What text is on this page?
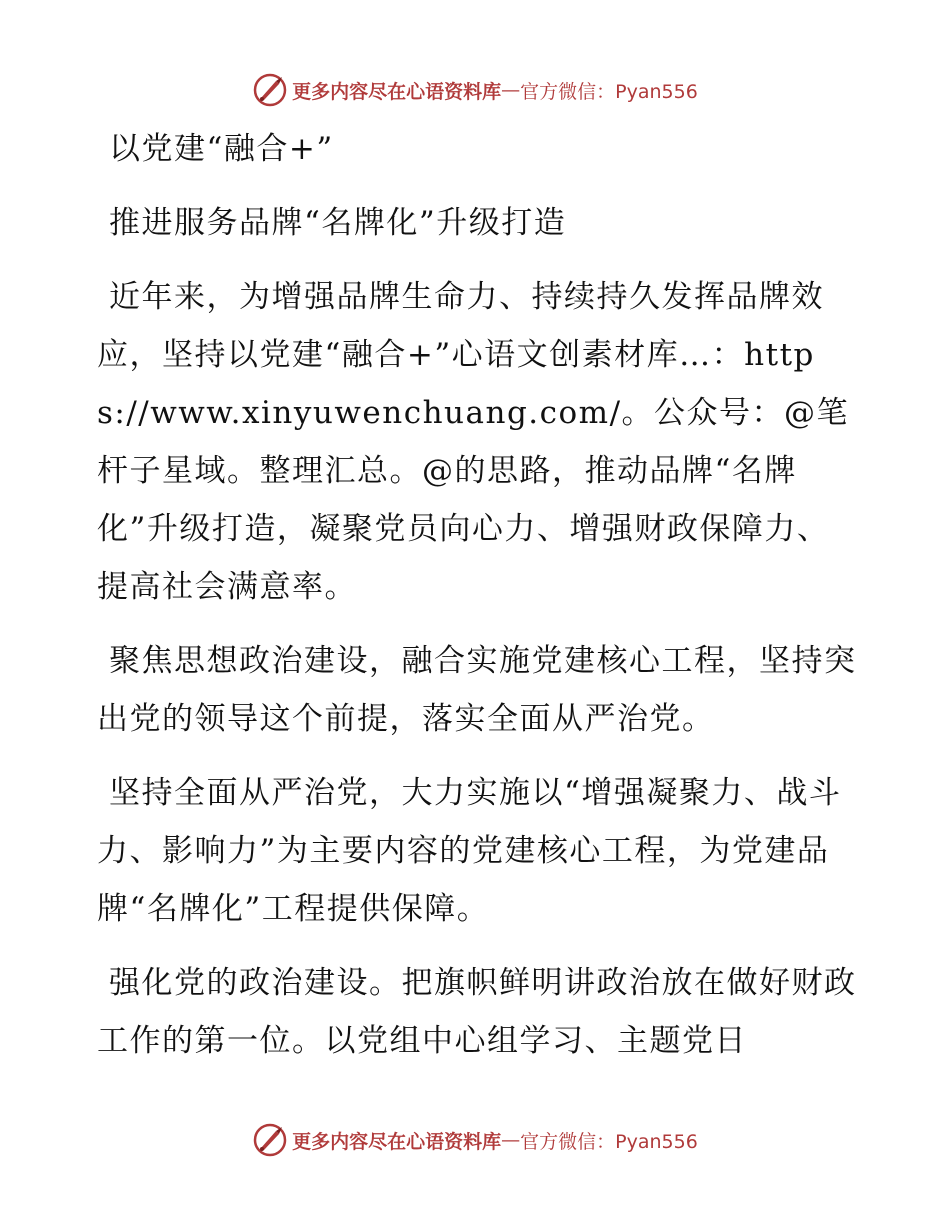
更多内容尽在心语资料库 — 官方微信：Pyan556

以党建“融合+”

推进服务品牌“名牌化”升级打造

近年来，为增强品牌生命力、持续持久发挥品牌效应，坚持以党建“融合+”心语文创素材库…：https://www.xinyuwenchuang.com/。公众号：@笔杆子星域。整理汇总。@的思路，推动品牌“名牌化”升级打造，凝聚党员向心力、增强财政保障力、提高社会满意率。

聚焦思想政治建设，融合实施党建核心工程，坚持突出党的领导这个前提，落实全面从严治党。

坚持全面从严治党，大力实施以“增强凝聚力、战斗力、影响力”为主要内容的党建核心工程，为党建品牌“名牌化”工程提供保障。

强化党的政治建设。把旗帜鲜明讲政治放在做好财政工作的第一位。以党组中心组学习、主题党日

更多内容尽在心语资料库 — 官方微信：Pyan556
